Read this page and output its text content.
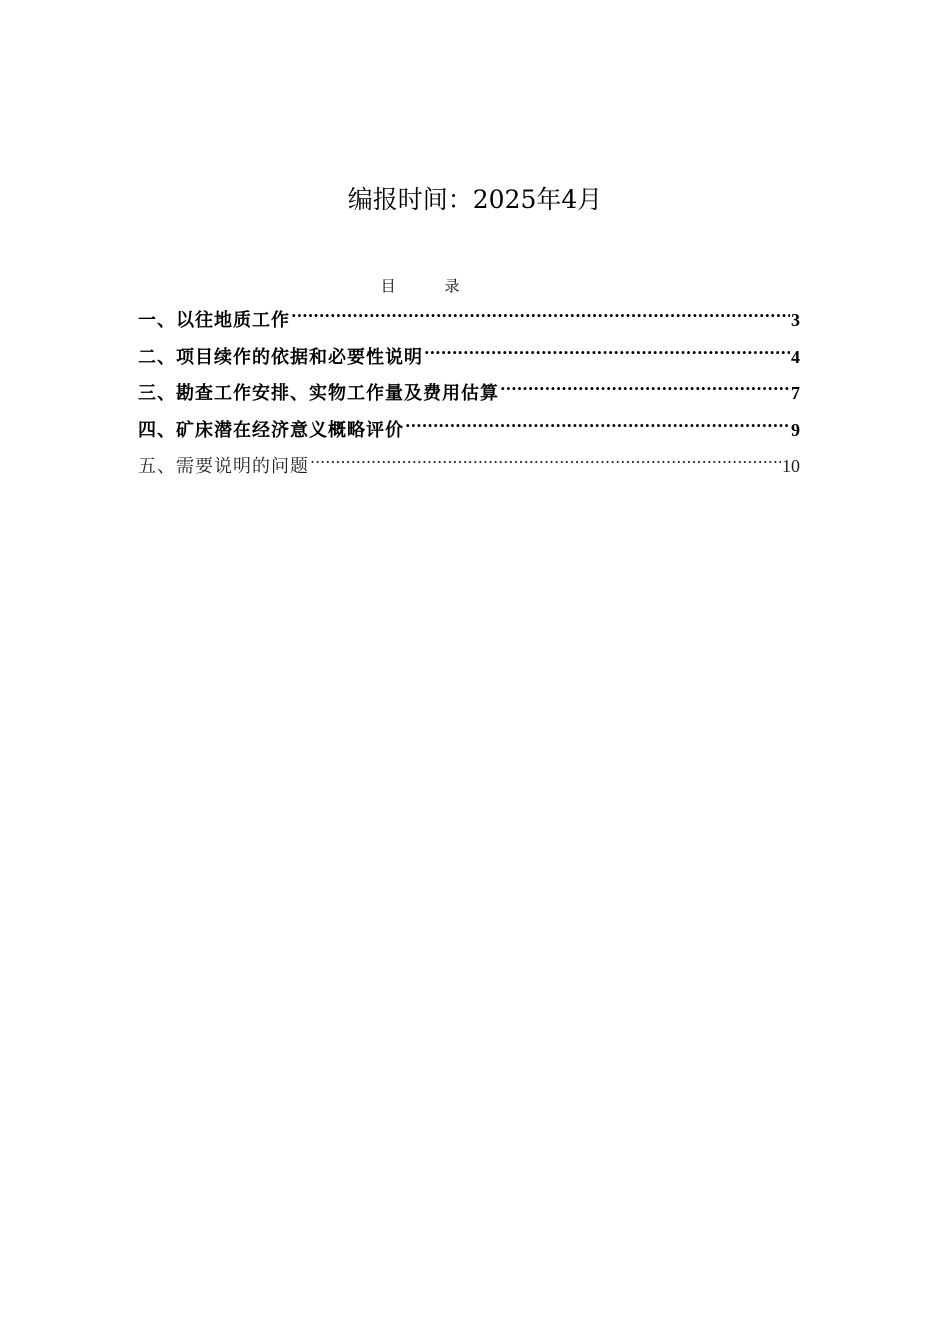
编报时间：2025年4月
目 录
一、以往地质工作 .....	3
二、项目续作的依据和必要性说明 .....	4
三、勘查工作安排、实物工作量及费用估算 .....	7
四、矿床潜在经济意义概略评价 .....	9
五、需要说明的问题 .....	10
